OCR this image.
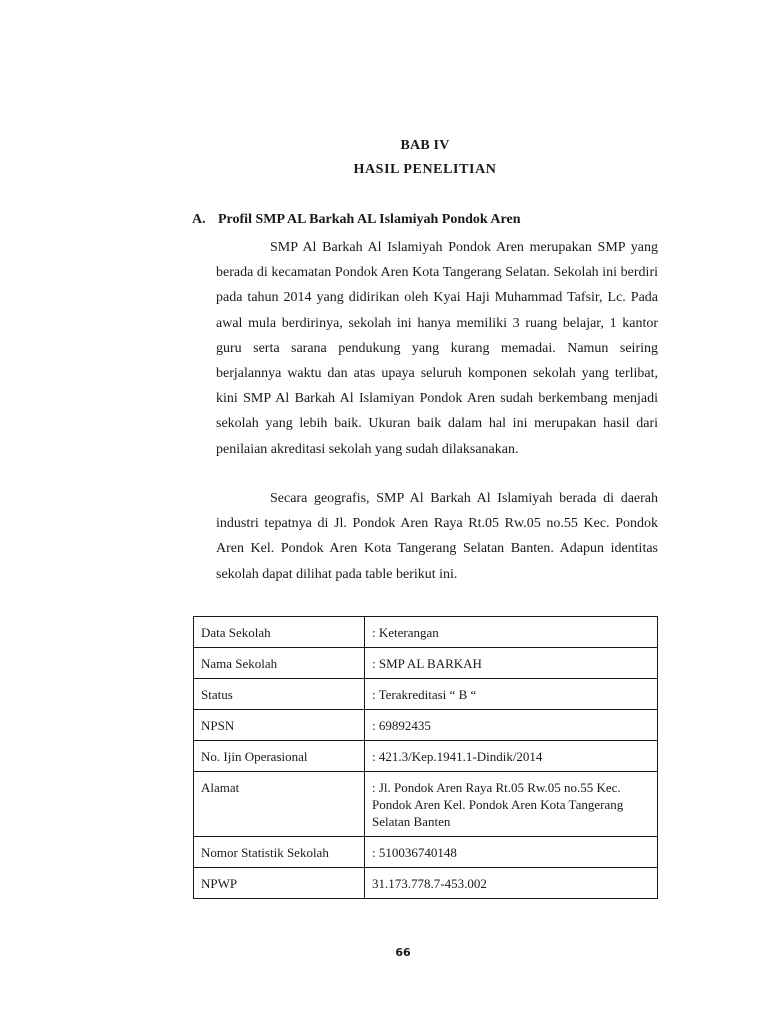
BAB IV
HASIL PENELITIAN
A. Profil SMP AL Barkah AL Islamiyah Pondok Aren

SMP Al Barkah Al Islamiyah Pondok Aren merupakan SMP yang berada di kecamatan Pondok Aren Kota Tangerang Selatan. Sekolah ini berdiri pada tahun 2014 yang didirikan oleh Kyai Haji Muhammad Tafsir, Lc. Pada awal mula berdirinya, sekolah ini hanya memiliki 3 ruang belajar, 1 kantor guru serta sarana pendukung yang kurang memadai. Namun seiring berjalannya waktu dan atas upaya seluruh komponen sekolah yang terlibat, kini SMP Al Barkah Al Islamiyan Pondok Aren sudah berkembang menjadi sekolah yang lebih baik. Ukuran baik dalam hal ini merupakan hasil dari penilaian akreditasi sekolah yang sudah dilaksanakan.

Secara geografis, SMP Al Barkah Al Islamiyah berada di daerah industri tepatnya di Jl. Pondok Aren Raya Rt.05 Rw.05 no.55 Kec. Pondok Aren Kel. Pondok Aren Kota Tangerang Selatan Banten. Adapun identitas sekolah dapat dilihat pada table berikut ini.

Data Sekolah	: Keterangan
Nama Sekolah	: SMP AL BARKAH
Status	: Terakreditasi “ B “
NPSN	: 69892435
No. Ijin Operasional	: 421.3/Kep.1941.1-Dindik/2014
Alamat	: Jl. Pondok Aren Raya Rt.05 Rw.05 no.55 Kec. Pondok Aren Kel. Pondok Aren Kota Tangerang Selatan Banten
Nomor Statistik Sekolah	: 510036740148
NPWP	31.173.778.7-453.002
66
